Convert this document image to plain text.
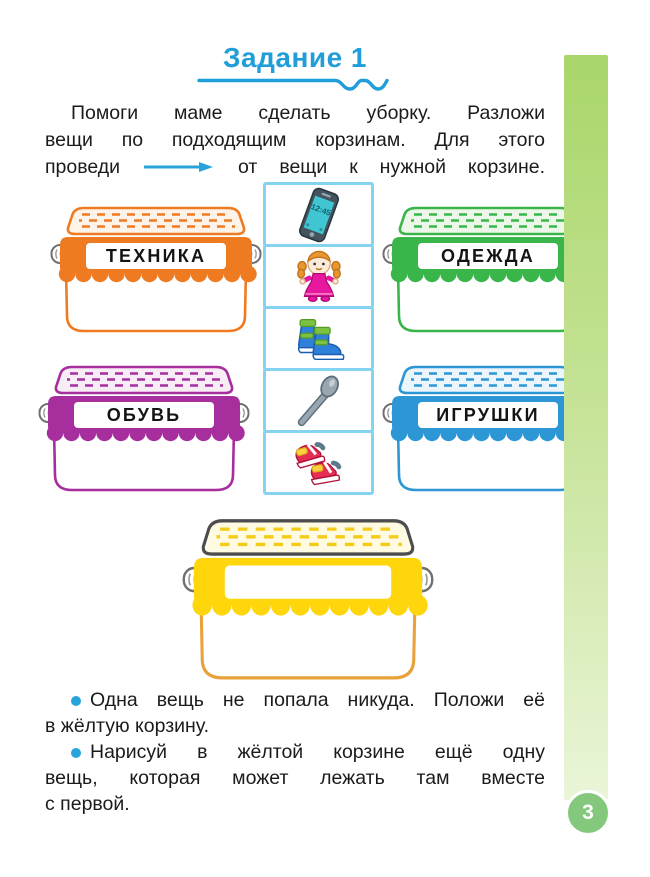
Задание 1
Помоги маме сделать уборку. Разложи
вещи по подходящим корзинам. Для этого
проведи	от вещи к нужной корзине.
12:45
ТЕХНИКА	ОДЕЖДА
ОБУВЬ	ИГРУШКИ
Одна вещь не попала никуда. Положи её
в жёлтую корзину.
Нарисуй в жёлтой корзине ещё одну
вещь, которая может лежать там вместе
с первой.	3
